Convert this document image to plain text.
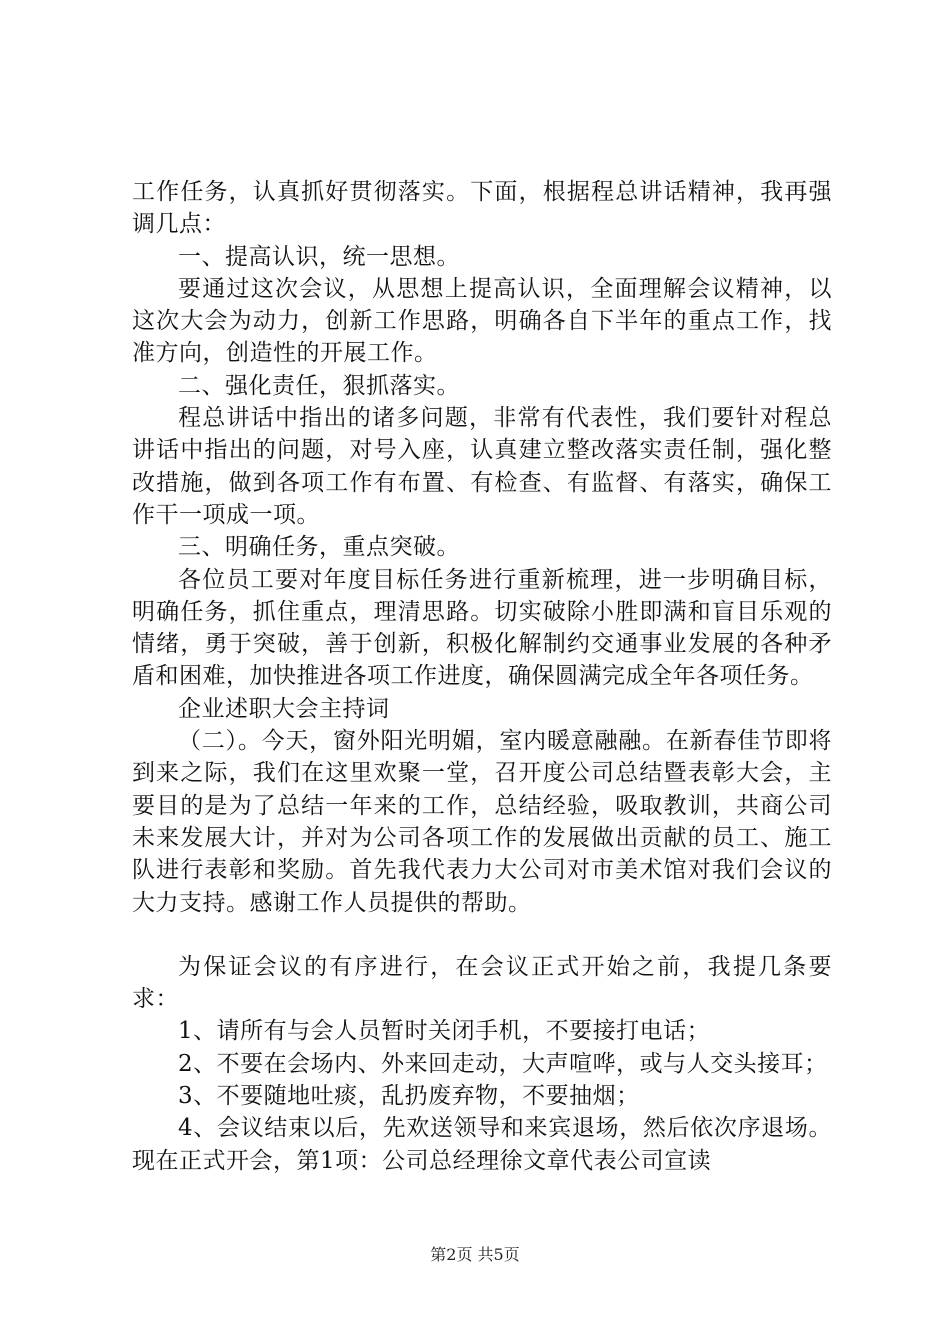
工作任务，认真抓好贯彻落实。下面，根据程总讲话精神，我再强调几点：

一、提高认识，统一思想。

要通过这次会议，从思想上提高认识，全面理解会议精神，以这次大会为动力，创新工作思路，明确各自下半年的重点工作，找准方向，创造性的开展工作。

二、强化责任，狠抓落实。

程总讲话中指出的诸多问题，非常有代表性，我们要针对程总讲话中指出的问题，对号入座，认真建立整改落实责任制，强化整改措施，做到各项工作有布置、有检查、有监督、有落实，确保工作干一项成一项。

三、明确任务，重点突破。

各位员工要对年度目标任务进行重新梳理，进一步明确目标，明确任务，抓住重点，理清思路。切实破除小胜即满和盲目乐观的情绪，勇于突破，善于创新，积极化解制约交通事业发展的各种矛盾和困难，加快推进各项工作进度，确保圆满完成全年各项任务。

企业述职大会主持词

（二）。今天，窗外阳光明媚，室内暖意融融。在新春佳节即将到来之际，我们在这里欢聚一堂，召开度公司总结暨表彰大会，主要目的是为了总结一年来的工作，总结经验，吸取教训，共商公司未来发展大计，并对为公司各项工作的发展做出贡献的员工、施工队进行表彰和奖励。首先我代表力大公司对市美术馆对我们会议的大力支持。感谢工作人员提供的帮助。

为保证会议的有序进行，在会议正式开始之前，我提几条要求：

1、请所有与会人员暂时关闭手机，不要接打电话；

2、不要在会场内、外来回走动，大声喧哗，或与人交头接耳；

3、不要随地吐痰，乱扔废弃物，不要抽烟；

4、会议结束以后，先欢送领导和来宾退场，然后依次序退场。现在正式开会，第1项：公司总经理徐文章代表公司宣读

第2页 共5页
